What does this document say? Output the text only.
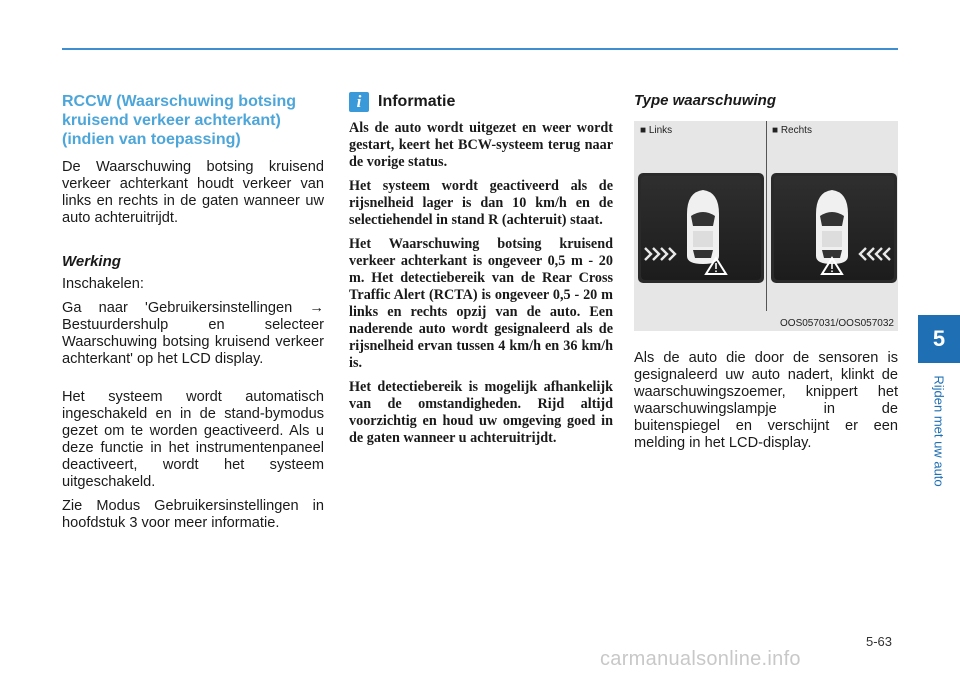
RCCW (Waarschuwing botsing kruisend verkeer achterkant) (indien van toepassing)

De Waarschuwing botsing kruisend verkeer achterkant houdt verkeer van links en rechts in de gaten wanneer uw auto achteruitrijdt.

Werking

Inschakelen:

Ga naar 'Gebruikersinstellingen → Bestuurdershulp en selecteer Waarschuwing botsing kruisend verkeer achterkant' op het LCD display.

Het systeem wordt automatisch ingeschakeld en in de stand-bymodus gezet om te worden geactiveerd. Als u deze functie in het instrumentenpaneel deactiveert, wordt het systeem uitgeschakeld.

Zie Modus Gebruikersinstellingen in hoofdstuk 3 voor meer informatie.

i	Informatie

Als de auto wordt uitgezet en weer wordt gestart, keert het BCW-systeem terug naar de vorige status.

Het systeem wordt geactiveerd als de rijsnelheid lager is dan 10 km/h en de selectiehendel in stand R (achteruit) staat.

Het Waarschuwing botsing kruisend verkeer achterkant is ongeveer 0,5 m - 20 m. Het detectiebereik van de Rear Cross Traffic Alert (RCTA) is ongeveer 0,5 - 20 m links en rechts opzij van de auto. Een naderende auto wordt gesignaleerd als de rijsnelheid ervan tussen 4 km/h en 36 km/h is.

Het detectiebereik is mogelijk afhankelijk van de omstandigheden. Rijd altijd voorzichtig en houd uw omgeving goed in de gaten wanneer u achteruitrijdt.

Type waarschuwing
■ Links	■ Rechts
OOS057031/OOS057032

Als de auto die door de sensoren is gesignaleerd uw auto nadert, klinkt de waarschuwingszoemer, knippert het waarschuwingslampje in de buitenspiegel en verschijnt er een melding in het LCD-display.

5
Rijden met uw auto
5-63
carmanualsonline.info
